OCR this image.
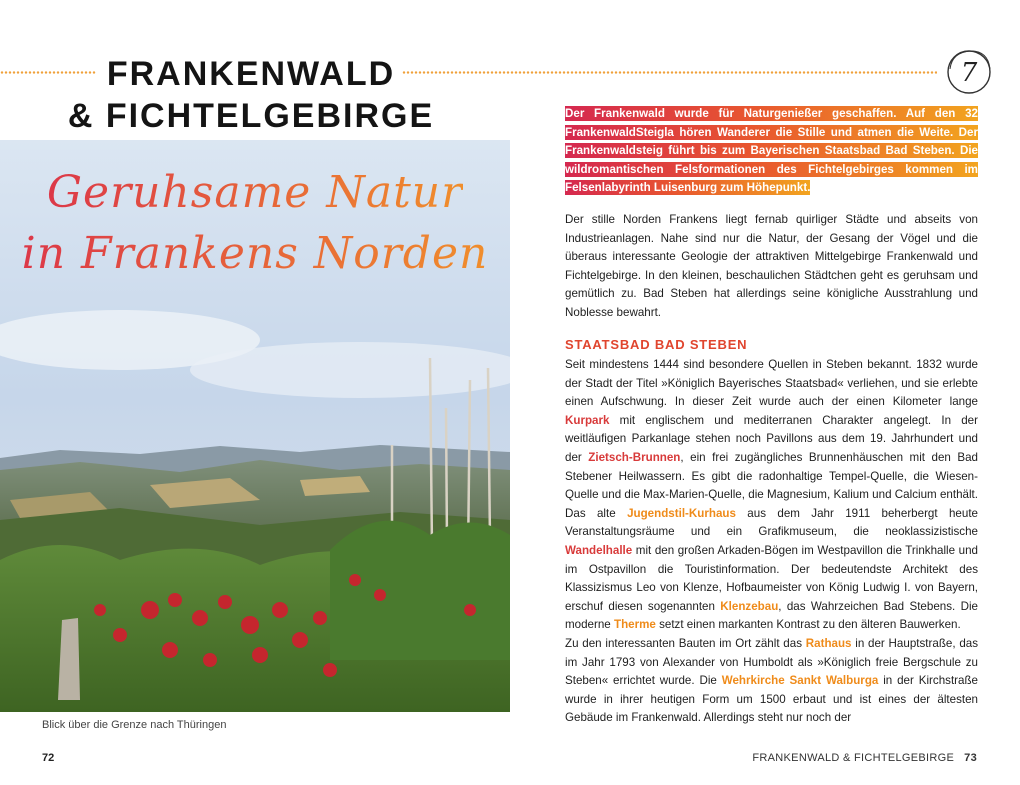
FRANKENWALD
& FICHTELGEBIRGE
Geruhsame Natur
in Frankens Norden
Blick über die Grenze nach Thüringen
72
7
Der Frankenwald wurde für Naturgenießer geschaffen. Auf den 32 FrankenwaldSteigla hören Wanderer die Stille und atmen die Weite. Der Frankenwaldsteig führt bis zum Bayerischen Staatsbad Bad Steben. Die wildromantischen Felsformationen des Fichtelgebirges kommen im Felsenlabyrinth Luisenburg zum Höhepunkt.
Der stille Norden Frankens liegt fernab quirliger Städte und abseits von Industrieanlagen. Nahe sind nur die Natur, der Gesang der Vögel und die überaus interessante Geologie der attraktiven Mittelgebirge Frankenwald und Fichtelgebirge. In den kleinen, beschaulichen Städtchen geht es geruhsam und gemütlich zu. Bad Steben hat allerdings seine königliche Ausstrahlung und Noblesse bewahrt.
STAATSBAD BAD STEBEN
Seit mindestens 1444 sind besondere Quellen in Steben bekannt. 1832 wurde der Stadt der Titel »Königlich Bayerisches Staatsbad« verliehen, und sie erlebte einen Aufschwung. In dieser Zeit wurde auch der einen Kilometer lange Kurpark mit englischem und mediterranen Charakter angelegt. In der weitläufigen Parkanlage stehen noch Pavillons aus dem 19. Jahrhundert und der Zietsch-Brunnen, ein frei zugängliches Brunnenhäuschen mit den Bad Stebener Heilwassern. Es gibt die radonhaltige Tempel-Quelle, die Wiesen-Quelle und die Max-Marien-Quelle, die Magnesium, Kalium und Calcium enthält. Das alte Jugendstil-Kurhaus aus dem Jahr 1911 beherbergt heute Veranstaltungsräume und ein Grafikmuseum, die neoklassizistische Wandelhalle mit den großen Arkaden-Bögen im Westpavillon die Trinkhalle und im Ostpavillon die Touristinformation. Der bedeutendste Architekt des Klassizismus Leo von Klenze, Hofbaumeister von König Ludwig I. von Bayern, erschuf diesen sogenannten Klenzebau, das Wahrzeichen Bad Stebens. Die moderne Therme setzt einen markanten Kontrast zu den älteren Bauwerken.
Zu den interessanten Bauten im Ort zählt das Rathaus in der Hauptstraße, das im Jahr 1793 von Alexander von Humboldt als »Königlich freie Bergschule zu Steben« errichtet wurde. Die Wehrkirche Sankt Walburga in der Kirchstraße wurde in ihrer heutigen Form um 1500 erbaut und ist eines der ältesten Gebäude im Frankenwald. Allerdings steht nur noch der
FRANKENWALD & FICHTELGEBIRGE 73
